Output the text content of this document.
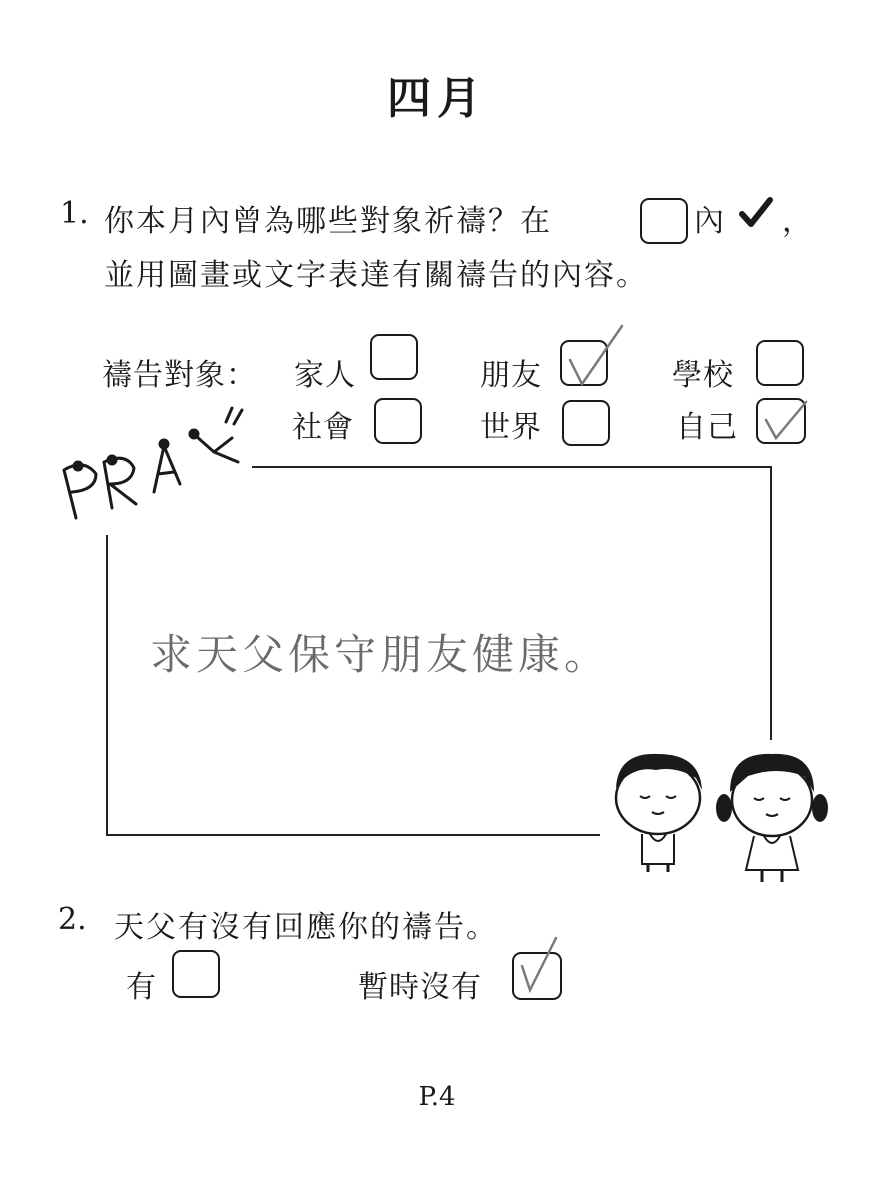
四月
1. 你本月內曾為哪些對象祈禱？在	內 ，
並用圖畫或文字表達有關禱告的內容。
禱告對象： 家人	朋友	學校
社會	世界	自己
PRAY
求天父保守朋友健康。
2. 天父有沒有回應你的禱告。
有	暫時沒有
P.4
